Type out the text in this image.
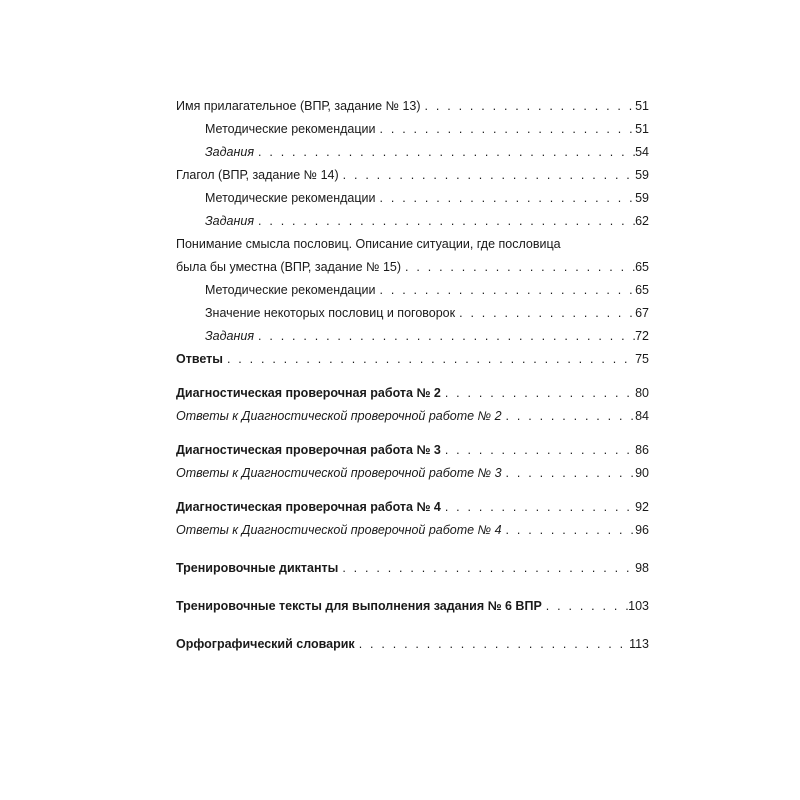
Имя прилагательное (ВПР, задание № 13) . . .	51
Методические рекомендации . . .	51
Задания . . .	54
Глагол (ВПР, задание № 14) . . .	59
Методические рекомендации . . .	59
Задания . . .	62
Понимание смысла пословиц. Описание ситуации, где пословица
была бы уместна (ВПР, задание № 15) . . .	65
Методические рекомендации . . .	65
Значение некоторых пословиц и поговорок . . .	67
Задания . . .	72
Ответы . . .	75
Диагностическая проверочная работа № 2 . . .	80
Ответы к Диагностической проверочной работе № 2 . . .	84
Диагностическая проверочная работа № 3 . . .	86
Ответы к Диагностической проверочной работе № 3 . . .	90
Диагностическая проверочная работа № 4 . . .	92
Ответы к Диагностической проверочной работе № 4 . . .	96
Тренировочные диктанты . . .	98
Тренировочные тексты для выполнения задания № 6 ВПР . . .	103
Орфографический словарик . . .	113
